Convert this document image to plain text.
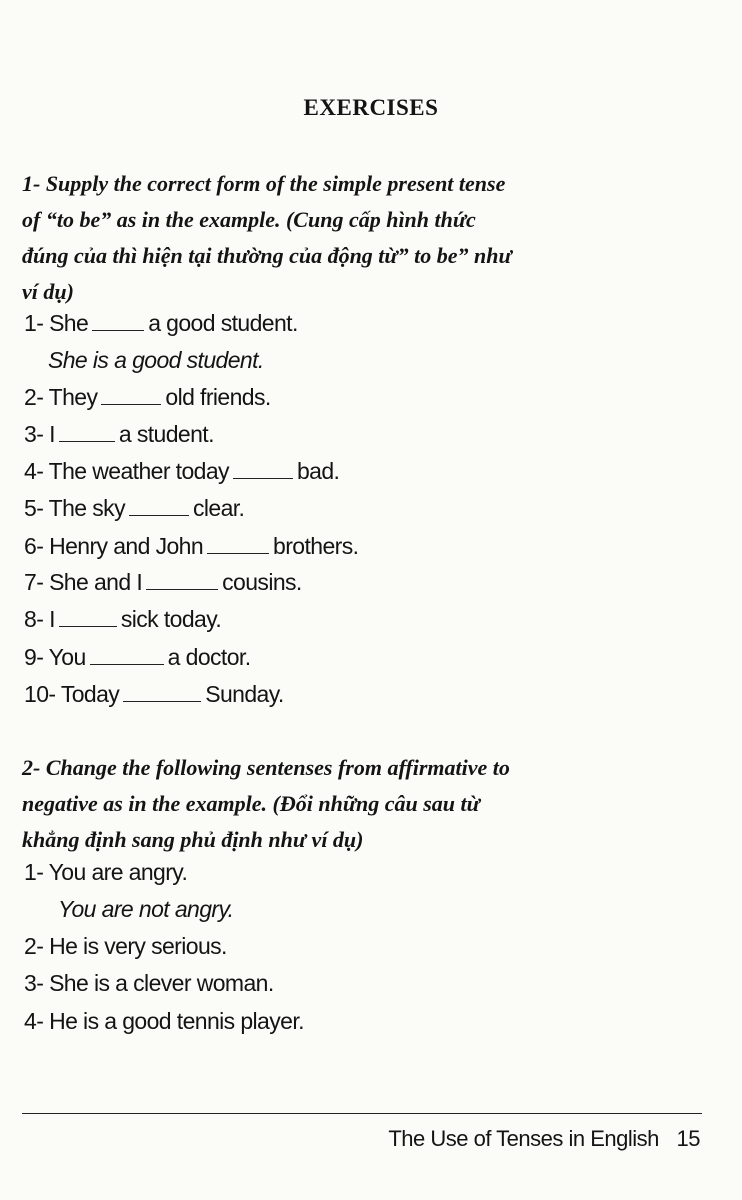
EXERCISES
1- Supply the correct form of the simple present tense
of “to be” as in the example. (Cung cấp hình thức
đúng của thì hiện tại thường của động từ” to be” như
ví dụ)
1- She	a good student.
She is a good student.
2- They	old friends.
3- I	a student.
4- The weather today	bad.
5- The sky	clear.
6- Henry and John	brothers.
7- She and I	cousins.
8- I	sick today.
9- You	a doctor.
10- Today	Sunday.
2- Change the following sentenses from affirmative to
negative as in the example. (Đổi những câu sau từ
khẳng định sang phủ định như ví dụ)
1- You are angry.
You are not angry.
2- He is very serious.
3- She is a clever woman.
4- He is a good tennis player.
The Use of Tenses in English 15
